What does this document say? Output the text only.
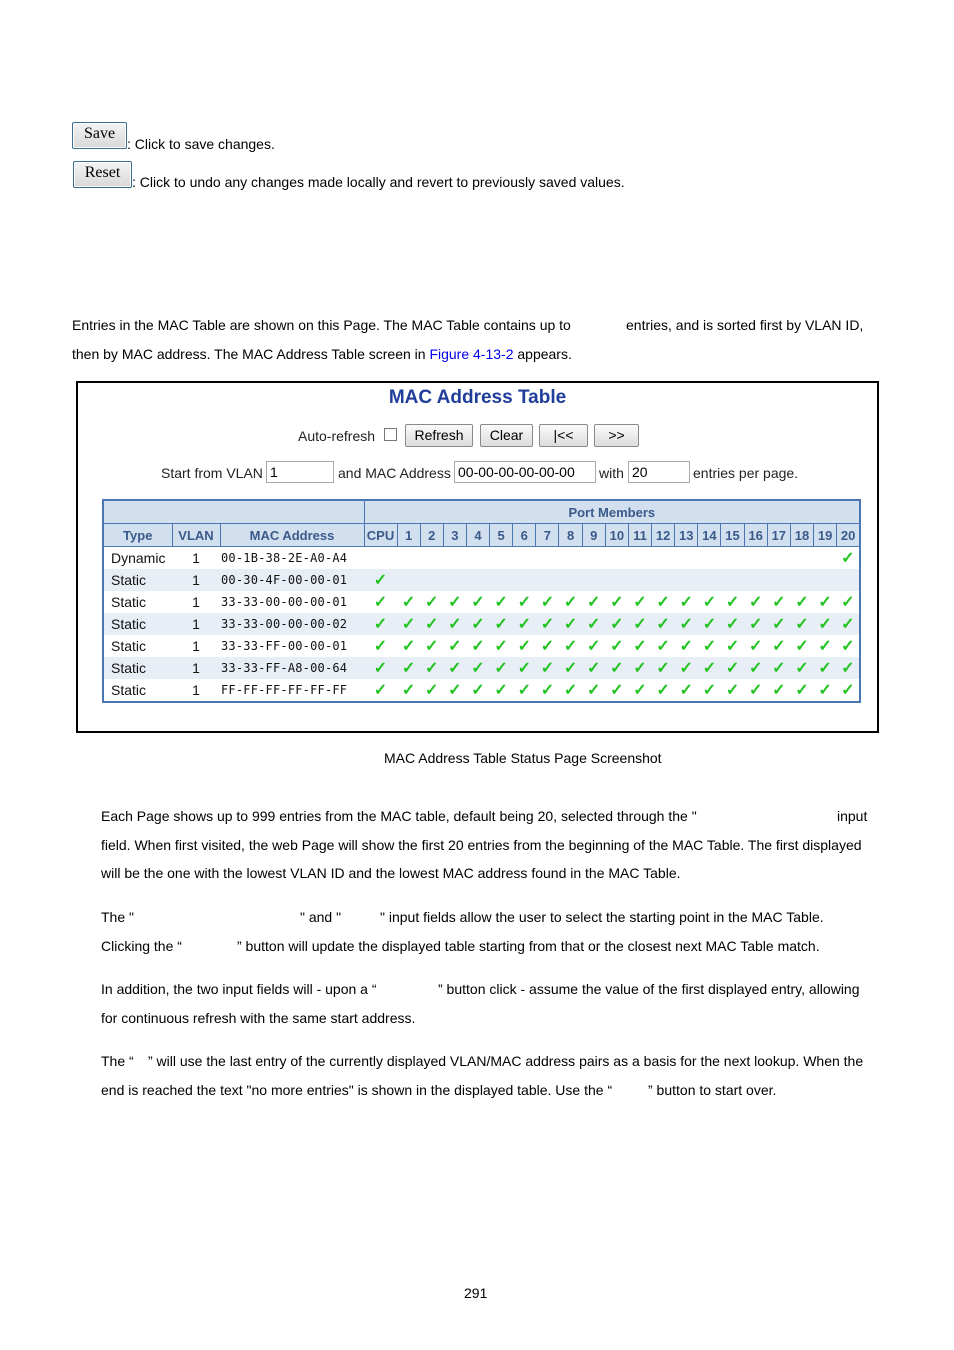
Save
: Click to save changes.
Reset
: Click to undo any changes made locally and revert to previously saved values.
Entries in the MAC Table are shown on this Page. The MAC Table contains up to	entries, and is sorted first by VLAN ID,
then by MAC address. The MAC Address Table screen in Figure 4-13-2 appears.
MAC Address Table
Auto-refresh	Refresh	Clear	|<<	>>
Start from VLAN 1	and MAC Address 00-00-00-00-00-00	with 20	entries per page.
			Port Members																				
Type	VLAN	MAC Address	CPU	1	2	3	4	5	6	7	8	9	10	11	12	13	14	15	16	17	18	19	20
Dynamic	1	00-1B-38-2E-A0-A4																					✓
Static	1	00-30-4F-00-00-01	✓																				
Static	1	33-33-00-00-00-01	✓	✓	✓	✓	✓	✓	✓	✓	✓	✓	✓	✓	✓	✓	✓	✓	✓	✓	✓	✓	✓
Static	1	33-33-00-00-00-02	✓	✓	✓	✓	✓	✓	✓	✓	✓	✓	✓	✓	✓	✓	✓	✓	✓	✓	✓	✓	✓
Static	1	33-33-FF-00-00-01	✓	✓	✓	✓	✓	✓	✓	✓	✓	✓	✓	✓	✓	✓	✓	✓	✓	✓	✓	✓	✓
Static	1	33-33-FF-A8-00-64	✓	✓	✓	✓	✓	✓	✓	✓	✓	✓	✓	✓	✓	✓	✓	✓	✓	✓	✓	✓	✓
Static	1	FF-FF-FF-FF-FF-FF	✓	✓	✓	✓	✓	✓	✓	✓	✓	✓	✓	✓	✓	✓	✓	✓	✓	✓	✓	✓	✓
MAC Address Table Status Page Screenshot
Each Page shows up to 999 entries from the MAC table, default being 20, selected through the "	input
field. When first visited, the web Page will show the first 20 entries from the beginning of the MAC Table. The first displayed
will be the one with the lowest VLAN ID and the lowest MAC address found in the MAC Table.
The "	" and "	" input fields allow the user to select the starting point in the MAC Table.
Clicking the “	” button will update the displayed table starting from that or the closest next MAC Table match.
In addition, the two input fields will - upon a “	” button click - assume the value of the first displayed entry, allowing
for continuous refresh with the same start address.
The “ ” will use the last entry of the currently displayed VLAN/MAC address pairs as a basis for the next lookup. When the
end is reached the text "no more entries" is shown in the displayed table. Use the “	” button to start over.
291
